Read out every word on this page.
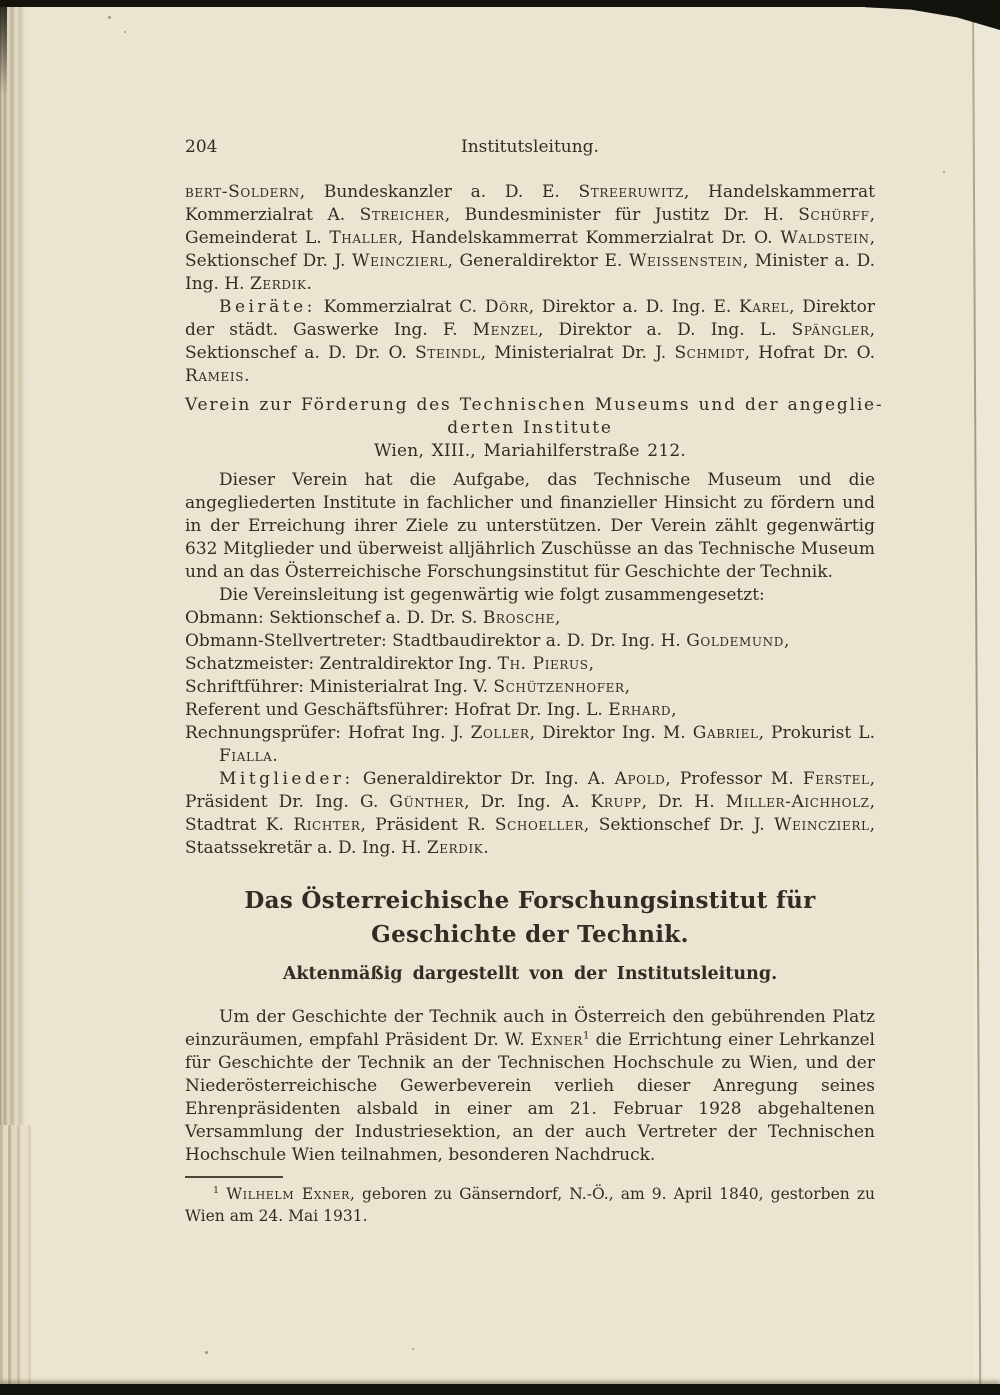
204	Institutsleitung.

bert-Soldern, Bundeskanzler a. D. E. Streeruwitz, Handelskammerrat Kommerzialrat A. Streicher, Bundesminister für Justitz Dr. H. Schürff, Gemeinderat L. Thaller, Handelskammerrat Kommerzialrat Dr. O. Waldstein, Sektionschef Dr. J. Weinczierl, Generaldirektor E. Weissenstein, Minister a. D. Ing. H. Zerdik.

Beiräte: Kommerzialrat C. Dörr, Direktor a. D. Ing. E. Karel, Direktor der städt. Gaswerke Ing. F. Menzel, Direktor a. D. Ing. L. Spängler, Sektionschef a. D. Dr. O. Steindl, Ministerialrat Dr. J. Schmidt, Hofrat Dr. O. Rameis.

Verein zur Förderung des Technischen Museums und der angeglie-
derten Institute
Wien, XIII., Mariahilferstraße 212.

Dieser Verein hat die Aufgabe, das Technische Museum und die angegliederten Institute in fachlicher und finanzieller Hinsicht zu fördern und in der Erreichung ihrer Ziele zu unterstützen. Der Verein zählt gegenwärtig 632 Mitglieder und überweist alljährlich Zuschüsse an das Technische Museum und an das Österreichische Forschungsinstitut für Geschichte der Technik.

Die Vereinsleitung ist gegenwärtig wie folgt zusammengesetzt:

Obmann: Sektionschef a. D. Dr. S. Brosche,

Obmann-Stellvertreter: Stadtbaudirektor a. D. Dr. Ing. H. Goldemund,

Schatzmeister: Zentraldirektor Ing. Th. Pierus,

Schriftführer: Ministerialrat Ing. V. Schützenhofer,

Referent und Geschäftsführer: Hofrat Dr. Ing. L. Erhard,

Rechnungsprüfer: Hofrat Ing. J. Zoller, Direktor Ing. M. Gabriel, Prokurist L. Fialla.

Mitglieder: Generaldirektor Dr. Ing. A. Apold, Professor M. Ferstel, Präsident Dr. Ing. G. Günther, Dr. Ing. A. Krupp, Dr. H. Miller-Aichholz, Stadtrat K. Richter, Präsident R. Schoeller, Sektionschef Dr. J. Weinczierl, Staatssekretär a. D. Ing. H. Zerdik.

Das Österreichische Forschungsinstitut für
Geschichte der Technik.
Aktenmäßig dargestellt von der Institutsleitung.

Um der Geschichte der Technik auch in Österreich den gebührenden Platz einzuräumen, empfahl Präsident Dr. W. Exner$^1$ die Errichtung einer Lehrkanzel für Geschichte der Technik an der Technischen Hochschule zu Wien, und der Niederösterreichische Gewerbeverein verlieh dieser Anregung seines Ehrenpräsidenten alsbald in einer am 21. Februar 1928 abgehaltenen Versammlung der Industriesektion, an der auch Vertreter der Technischen Hochschule Wien teilnahmen, besonderen Nachdruck.

$^1$ Wilhelm Exner, geboren zu Gänserndorf, N.-Ö., am 9. April 1840, gestorben zu Wien am 24. Mai 1931.
